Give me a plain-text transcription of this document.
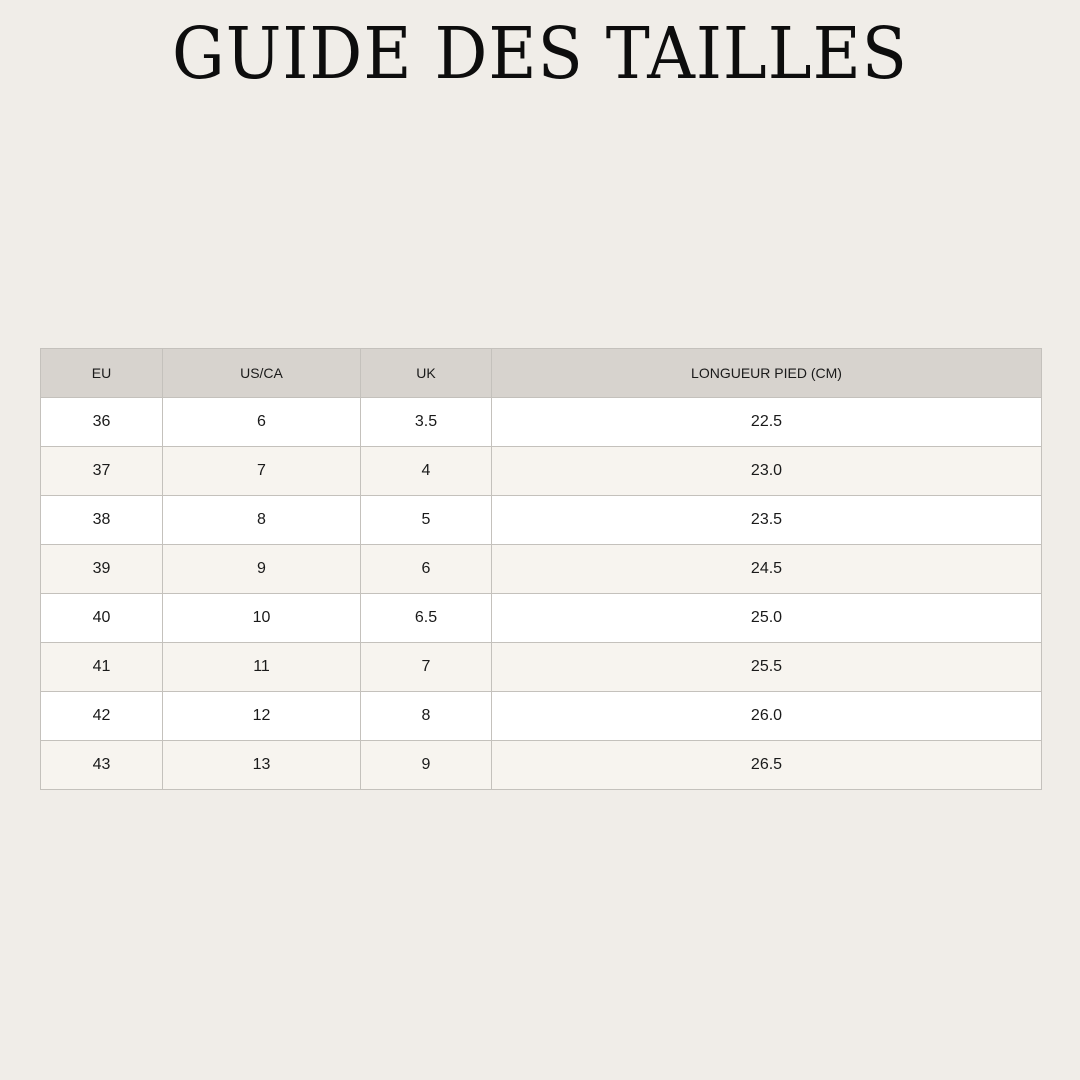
GUIDE DES TAILLES
EU	US/CA	UK	LONGUEUR PIED (CM)
36	6	3.5	22.5
37	7	4	23.0
38	8	5	23.5
39	9	6	24.5
40	10	6.5	25.0
41	11	7	25.5
42	12	8	26.0
43	13	9	26.5
